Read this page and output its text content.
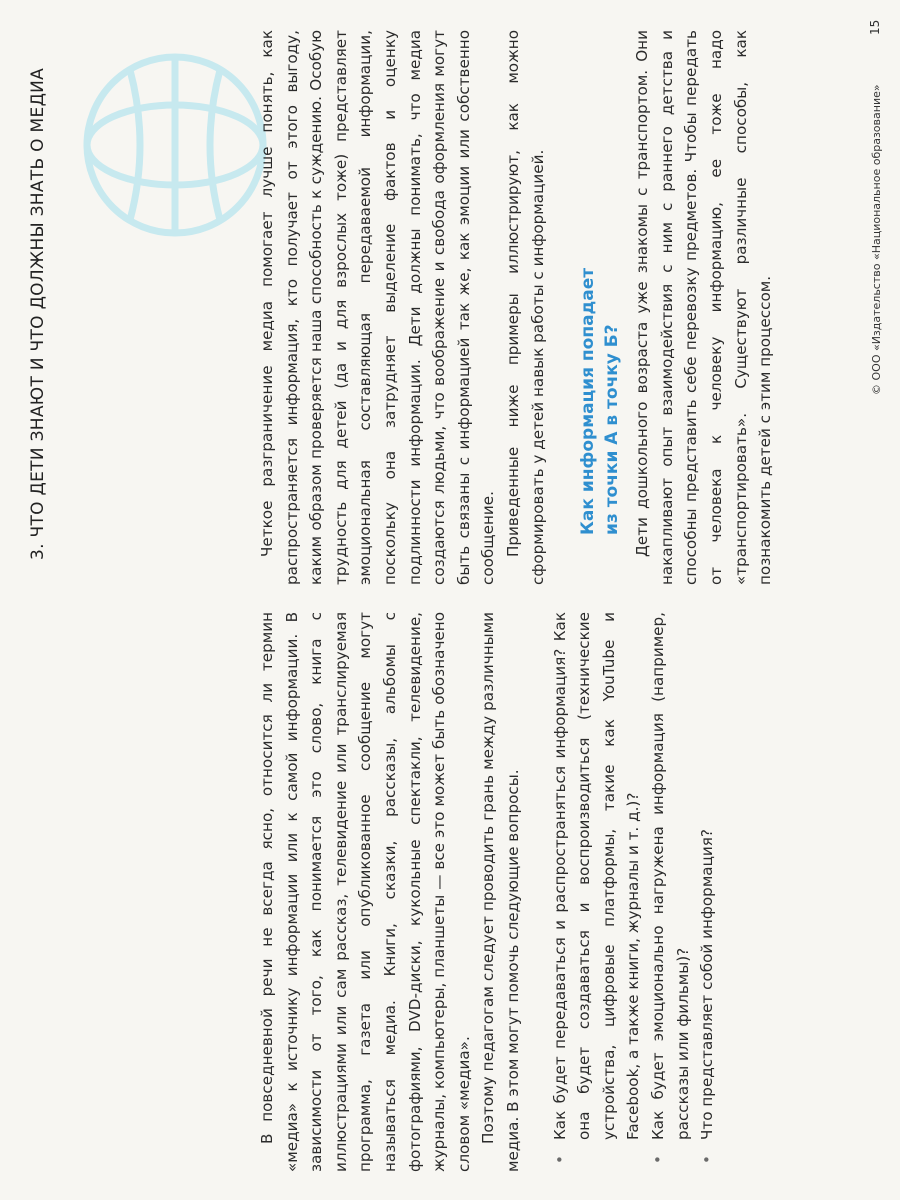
3. ЧТО ДЕТИ ЗНАЮТ И ЧТО ДОЛЖНЫ ЗНАТЬ О МЕДИА

В повседневной речи не всегда ясно, относится ли термин «медиа» к источнику информации или к самой информации. В зависимости от того, как понимается это слово, книга с иллюстрациями или сам рассказ, телевидение или транслируемая программа, газета или опубликованное сообщение могут называться медиа. Книги, сказки, рассказы, альбомы с фотографиями, DVD-диски, кукольные спектакли, телевидение, журналы, компьютеры, планшеты — все это может быть обозначено словом «медиа». Поэтому педагогам следует проводить грань между различными медиа. В этом могут помочь следующие вопросы. • Как будет передаваться и распространяться информация? Как она будет создаваться и воспроизводиться (технические устройства, цифровые платформы, такие как YouTube и Facebook, а также книги, журналы и т. д.)? • Как будет эмоционально нагружена информация (например, рассказы или фильмы)? • Что представляет собой информация?

Четкое разграничение медиа помогает лучше понять, как распространяется информация, кто получает от этого выгоду, каким образом проверяется наша способность к суждению. Особую трудность для детей (да и для взрослых тоже) представляет эмоциональная составляющая передаваемой информации, поскольку она затрудняет выделение фактов и оценку подлинности информации. Дети должны понимать, что медиа создаются людьми, что воображение и свобода оформления могут быть связаны с информацией так же, как эмоции или собственно сообщение. Приведенные ниже примеры иллюстрируют, как можно сформировать у детей навык работы с информацией. Как информация попадает из точки А в точку Б? Дети дошкольного возраста уже знакомы с транспортом. Они накапливают опыт взаимодействия с ним с раннего детства и способны представить себе перевозку предметов. Чтобы передать от человека к человеку информацию, ее тоже надо «транспортировать». Существуют различные способы, как познакомить детей с этим процессом.

© ООО «Издательство «Национальное образование»
15
